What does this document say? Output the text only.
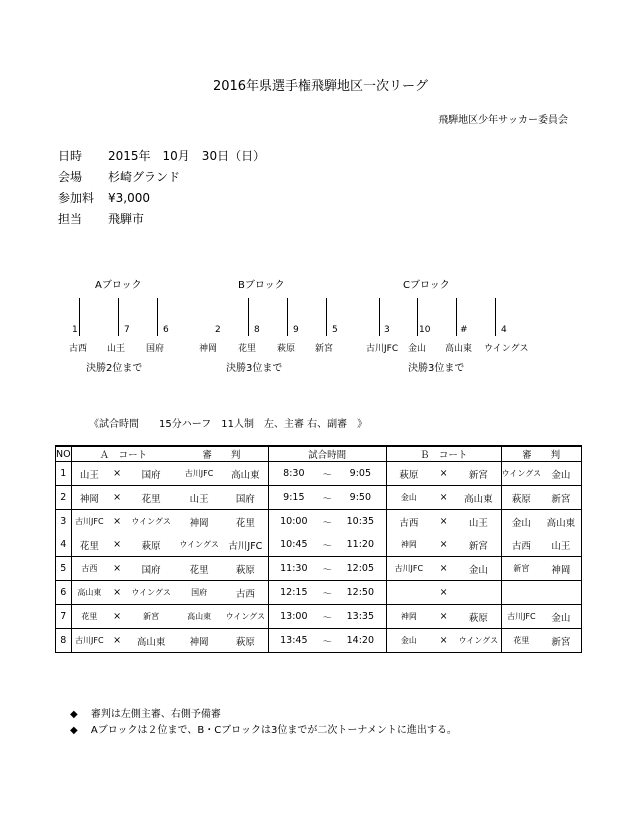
2016年県選手権飛騨地区一次リーグ
飛騨地区少年サッカー委員会
日時 2015年　10月　30日（日）
会場 杉崎グランド
参加料 ¥3,000
担当 飛騨市
Aブロック
1	7	6
古西 山王 国府
決勝2位まで
Bブロック
2	8	9	5
神岡 花里 萩原 新宮
決勝3位まで
Cブロック
3	10	#	4
古川JFC 金山 高山東 ウイングス
決勝3位まで
《試合時間　　15分ハーフ　11人制　左、主審 右、副審　》
NO	Ａ　コート			審　　判		試合時間			Ｂ　コート			審　　判	
1	山王	×	国府	古川JFC	高山東	8:30	～	9:05	萩原	×	新宮	ウイングス	金山
2	神岡	×	花里	山王	国府	9:15	～	9:50	金山	×	高山東	萩原	新宮
3	古川JFC	×	ウイングス	神岡	花里	10:00	～	10:35	古西	×	山王	金山	高山東
4	花里	×	萩原	ウイングス	古川JFC	10:45	～	11:20	神岡	×	新宮	古西	山王
5	古西	×	国府	花里	萩原	11:30	～	12:05	古川JFC	×	金山	新宮	神岡
6	高山東	×	ウイングス	国府	古西	12:15	～	12:50		×			
7	花里	×	新宮	高山東	ウイングス	13:00	～	13:35	神岡	×	萩原	古川JFC	金山
8	古川JFC	×	高山東	神岡	萩原	13:45	～	14:20	金山	×	ウイングス	花里	新宮
◆　 審判は左側主審、右側予備審
◆　 Aブロックは２位まで、B・Cブロックは3位までが二次トーナメントに進出する。
